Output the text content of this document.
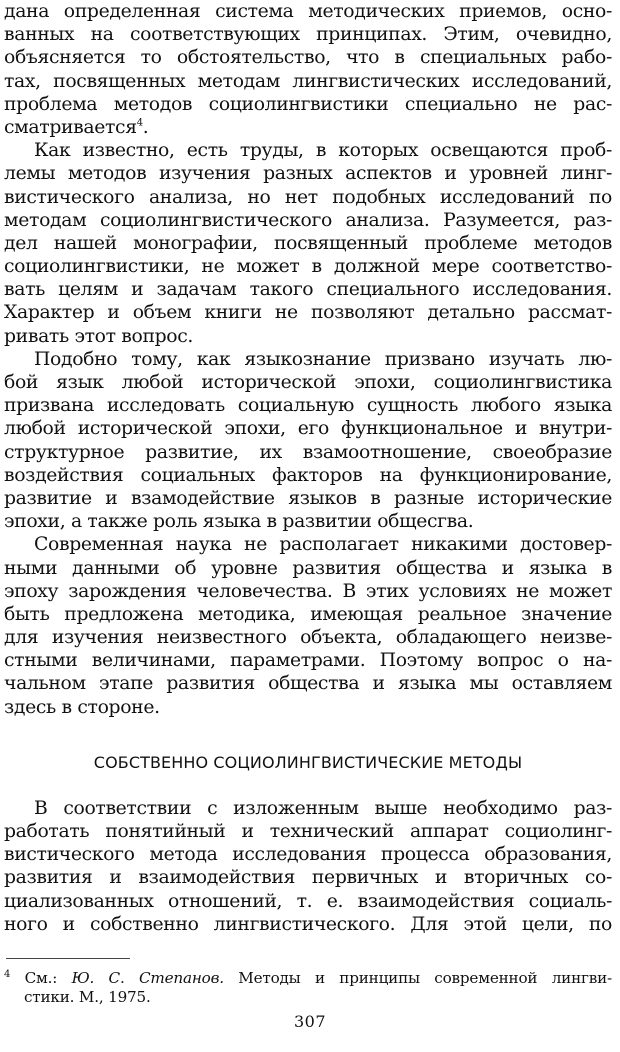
дана определенная система методических приемов, осно-
ванных на соответствующих принципах. Этим, очевидно,
объясняется то обстоятельство, что в специальных рабо-
тах, посвященных методам лингвистических исследований,
проблема методов социолингвистики специально не рас-
сматривается$^4$.
Как известно, есть труды, в которых освещаются проб-
лемы методов изучения разных аспектов и уровней линг-
вистического анализа, но нет подобных исследований по
методам социолингвистического анализа. Разумеется, раз-
дел нашей монографии, посвященный проблеме методов
социолингвистики, не может в должной мере соответство-
вать целям и задачам такого специального исследования.
Характер и объем книги не позволяют детально рассмат-
ривать этот вопрос.
Подобно тому, как языкознание призвано изучать лю-
бой язык любой исторической эпохи, социолингвистика
призвана исследовать социальную сущность любого языка
любой исторической эпохи, его функциональное и внутри-
структурное развитие, их взамоотношение, своеобразие
воздействия социальных факторов на функционирование,
развитие и взамодействие языков в разные исторические
эпохи, а также роль языка в развитии общесгва.
Современная наука не располагает никакими достовер-
ными данными об уровне развития общества и языка в
эпоху зарождения человечества. В этих условиях не может
быть предложена методика, имеющая реальное значение
для изучения неизвестного объекта, обладающего неизве-
стными величинами, параметрами. Поэтому вопрос о на-
чальном этапе развития общества и языка мы оставляем
здесь в стороне.
СОБСТВЕННО СОЦИОЛИНГВИСТИЧЕСКИЕ МЕТОДЫ
В соответствии с изложенным выше необходимо раз-
работать понятийный и технический аппарат социолинг-
вистического метода исследования процесса образования,
развития и взаимодействия первичных и вторичных со-
циализованных отношений, т. е. взаимодействия социаль-
ного и собственно лингвистического. Для этой цели, по
$^4$ См.: Ю. С. Степанов. Методы и принципы современной лингви-
стики. М., 1975.
307
